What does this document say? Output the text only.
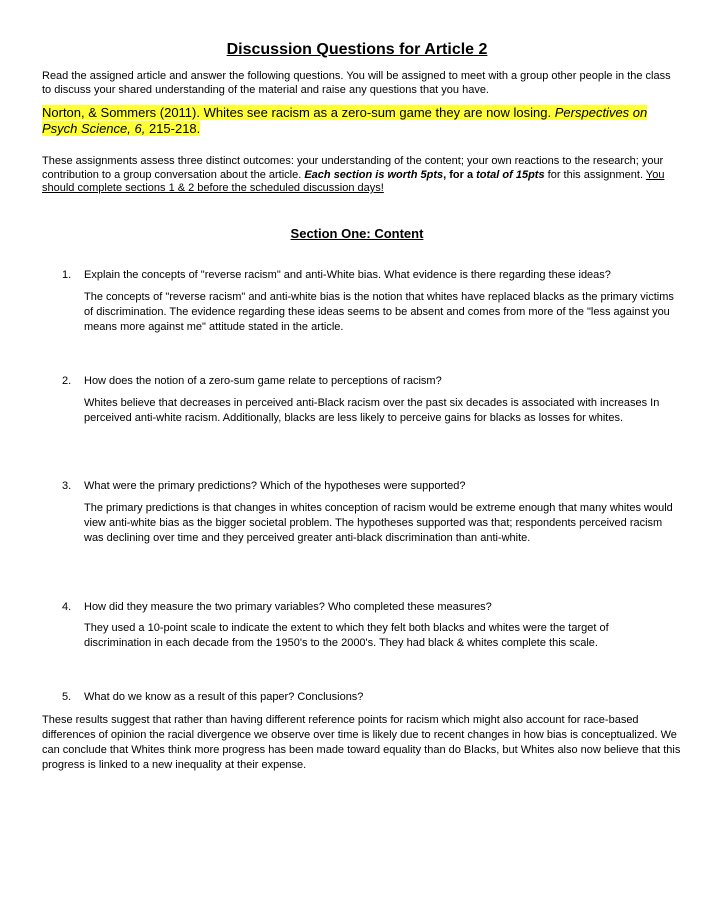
Discussion Questions for Article 2
Read the assigned article and answer the following questions. You will be assigned to meet with a group other people in the class to discuss your shared understanding of the material and raise any questions that you have.
Norton, & Sommers (2011). Whites see racism as a zero-sum game they are now losing. Perspectives on Psych Science, 6, 215-218.
These assignments assess three distinct outcomes: your understanding of the content; your own reactions to the research; your contribution to a group conversation about the article. Each section is worth 5pts, for a total of 15pts for this assignment. You should complete sections 1 & 2 before the scheduled discussion days!
Section One: Content
1.	Explain the concepts of "reverse racism" and anti-White bias. What evidence is there regarding these ideas?
The concepts of "reverse racism" and anti-white bias is the notion that whites have replaced blacks as the primary victims of discrimination. The evidence regarding these ideas seems to be absent and comes from more of the "less against you means more against me" attitude stated in the article.
2.	How does the notion of a zero-sum game relate to perceptions of racism?
Whites believe that decreases in perceived anti-Black racism over the past six decades is associated with increases In perceived anti-white racism. Additionally, blacks are less likely to perceive gains for blacks as losses for whites.
3.	What were the primary predictions? Which of the hypotheses were supported?
The primary predictions is that changes in whites conception of racism would be extreme enough that many whites would view anti-white bias as the bigger societal problem. The hypotheses supported was that; respondents perceived racism was declining over time and they perceived greater anti-black discrimination than anti-white.
4.	How did they measure the two primary variables? Who completed these measures?
They used a 10-point scale to indicate the extent to which they felt both blacks and whites were the target of discrimination in each decade from the 1950's to the 2000's. They had black & whites complete this scale.
5.	What do we know as a result of this paper? Conclusions?
These results suggest that rather than having different reference points for racism which might also account for race-based differences of opinion the racial divergence we observe over time is likely due to recent changes in how bias is conceptualized. We can conclude that Whites think more progress has been made toward equality than do Blacks, but Whites also now believe that this progress is linked to a new inequality at their expense.
